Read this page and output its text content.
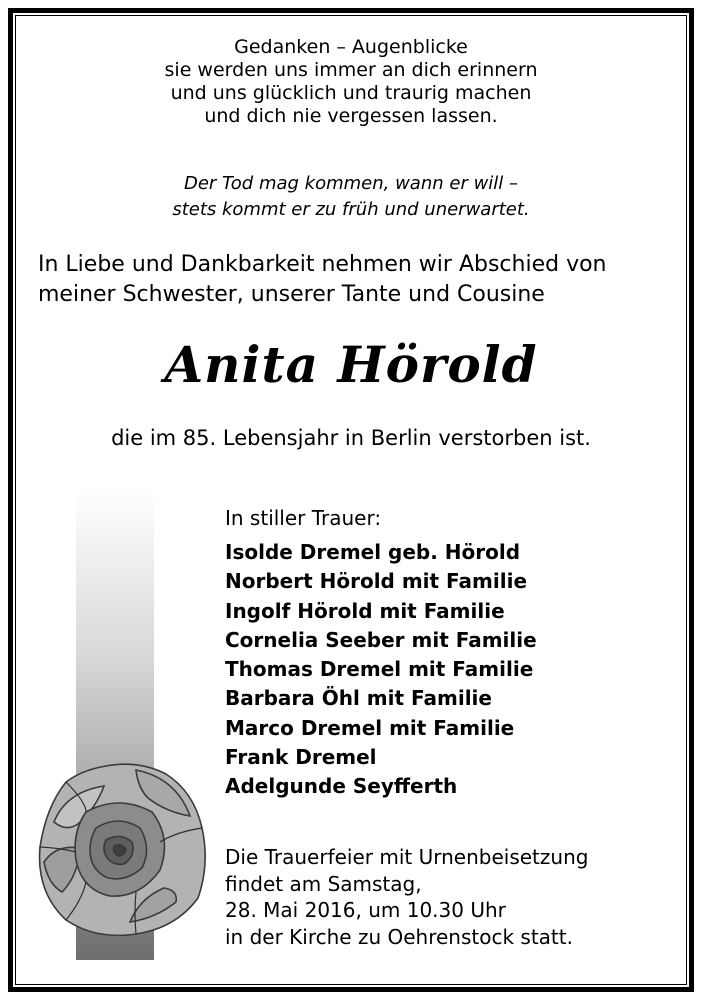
Gedanken – Augenblicke
sie werden uns immer an dich erinnern
und uns glücklich und traurig machen
und dich nie vergessen lassen.
Der Tod mag kommen, wann er will –
stets kommt er zu früh und unerwartet.
In Liebe und Dankbarkeit nehmen wir Abschied von
meiner Schwester, unserer Tante und Cousine
Anita Hörold
die im 85. Lebensjahr in Berlin verstorben ist.
In stiller Trauer:
Isolde Dremel geb. Hörold
Norbert Hörold mit Familie
Ingolf Hörold mit Familie
Cornelia Seeber mit Familie
Thomas Dremel mit Familie
Barbara Öhl mit Familie
Marco Dremel mit Familie
Frank Dremel
Adelgunde Seyfferth
Die Trauerfeier mit Urnenbeisetzung
findet am Samstag,
28. Mai 2016, um 10.30 Uhr
in der Kirche zu Oehrenstock statt.
